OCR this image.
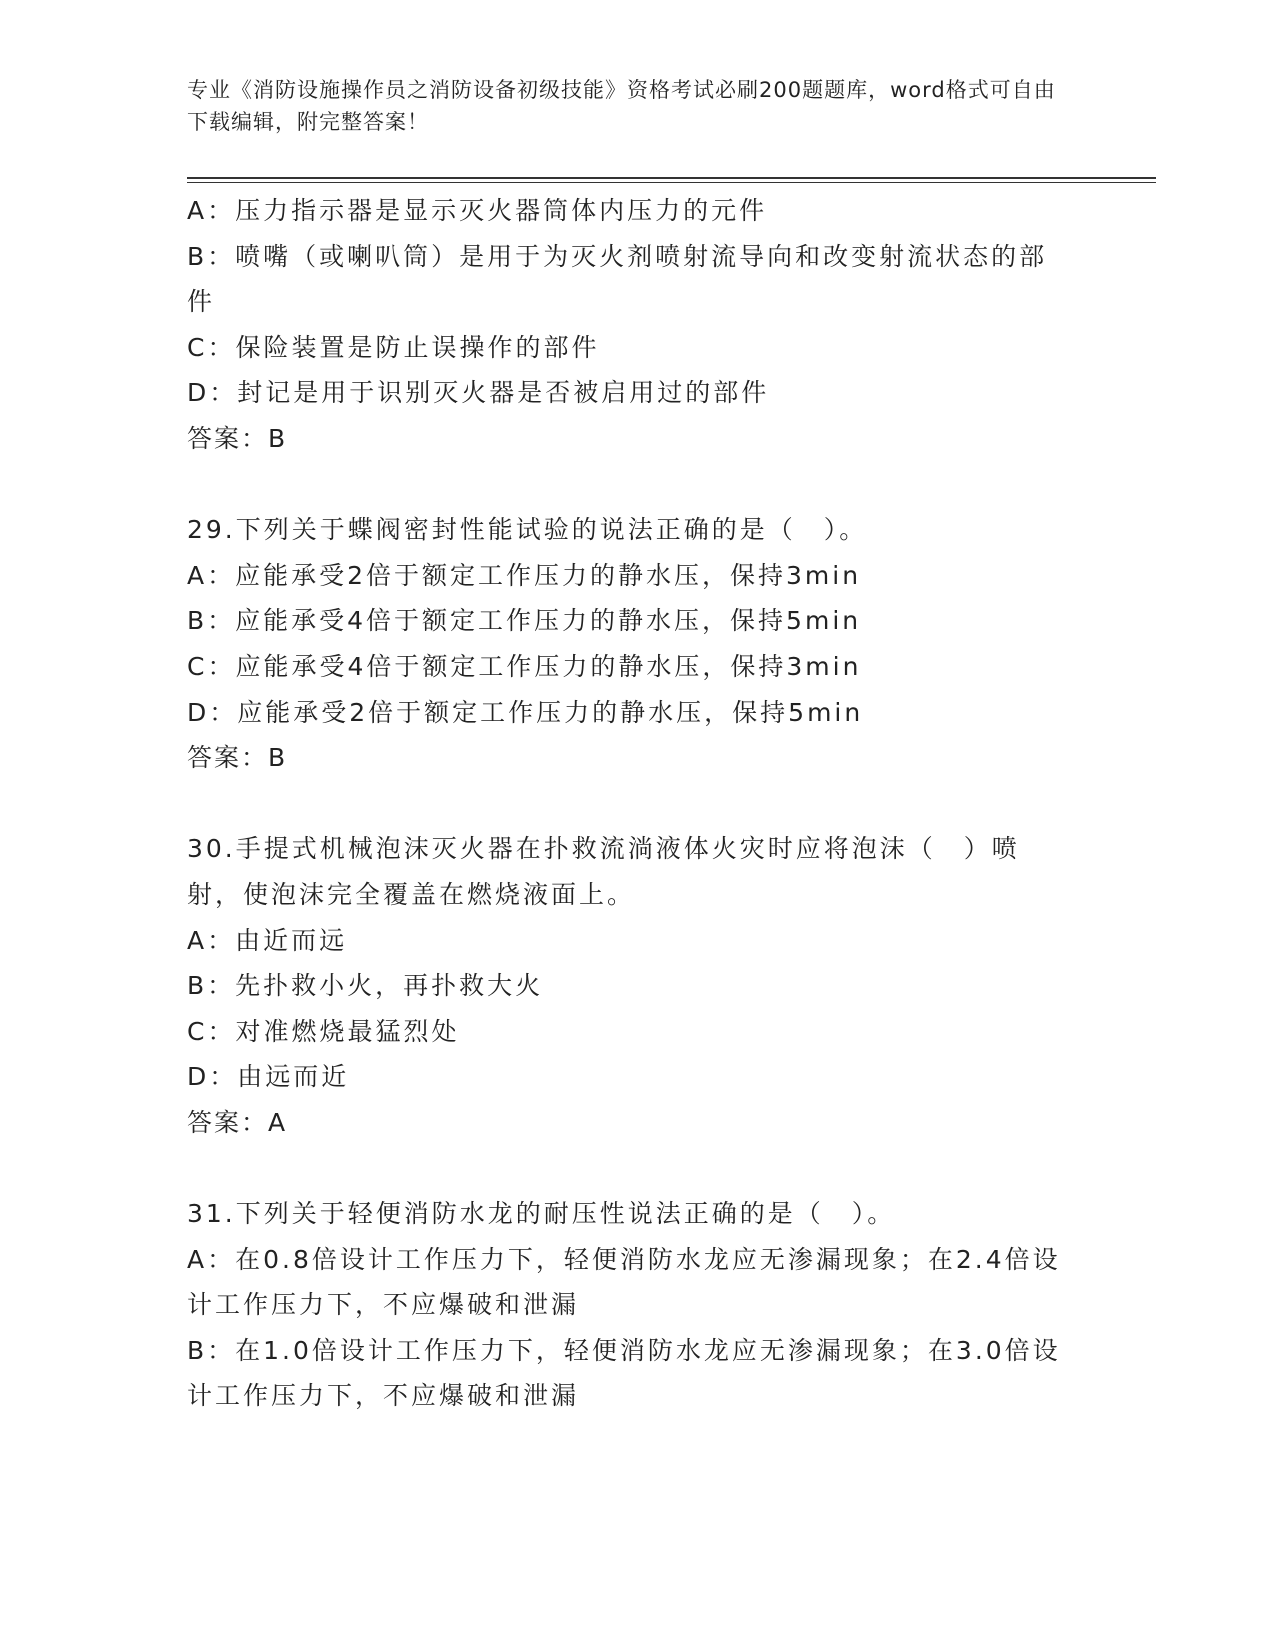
专业《消防设施操作员之消防设备初级技能》资格考试必刷200题题库，word格式可自由下载编辑，附完整答案！
A：压力指示器是显示灭火器筒体内压力的元件
B：喷嘴（或喇叭筒）是用于为灭火剂喷射流导向和改变射流状态的部件
C：保险装置是防止误操作的部件
D：封记是用于识别灭火器是否被启用过的部件
答案：B
29.下列关于蝶阀密封性能试验的说法正确的是（　）。
A：应能承受2倍于额定工作压力的静水压，保持3min
B：应能承受4倍于额定工作压力的静水压，保持5min
C：应能承受4倍于额定工作压力的静水压，保持3min
D：应能承受2倍于额定工作压力的静水压，保持5min
答案：B
30.手提式机械泡沫灭火器在扑救流淌液体火灾时应将泡沫（　）喷射，使泡沫完全覆盖在燃烧液面上。
A：由近而远
B：先扑救小火，再扑救大火
C：对准燃烧最猛烈处
D：由远而近
答案：A
31.下列关于轻便消防水龙的耐压性说法正确的是（　）。
A：在0.8倍设计工作压力下，轻便消防水龙应无渗漏现象；在2.4倍设计工作压力下，不应爆破和泄漏
B：在1.0倍设计工作压力下，轻便消防水龙应无渗漏现象；在3.0倍设计工作压力下，不应爆破和泄漏
